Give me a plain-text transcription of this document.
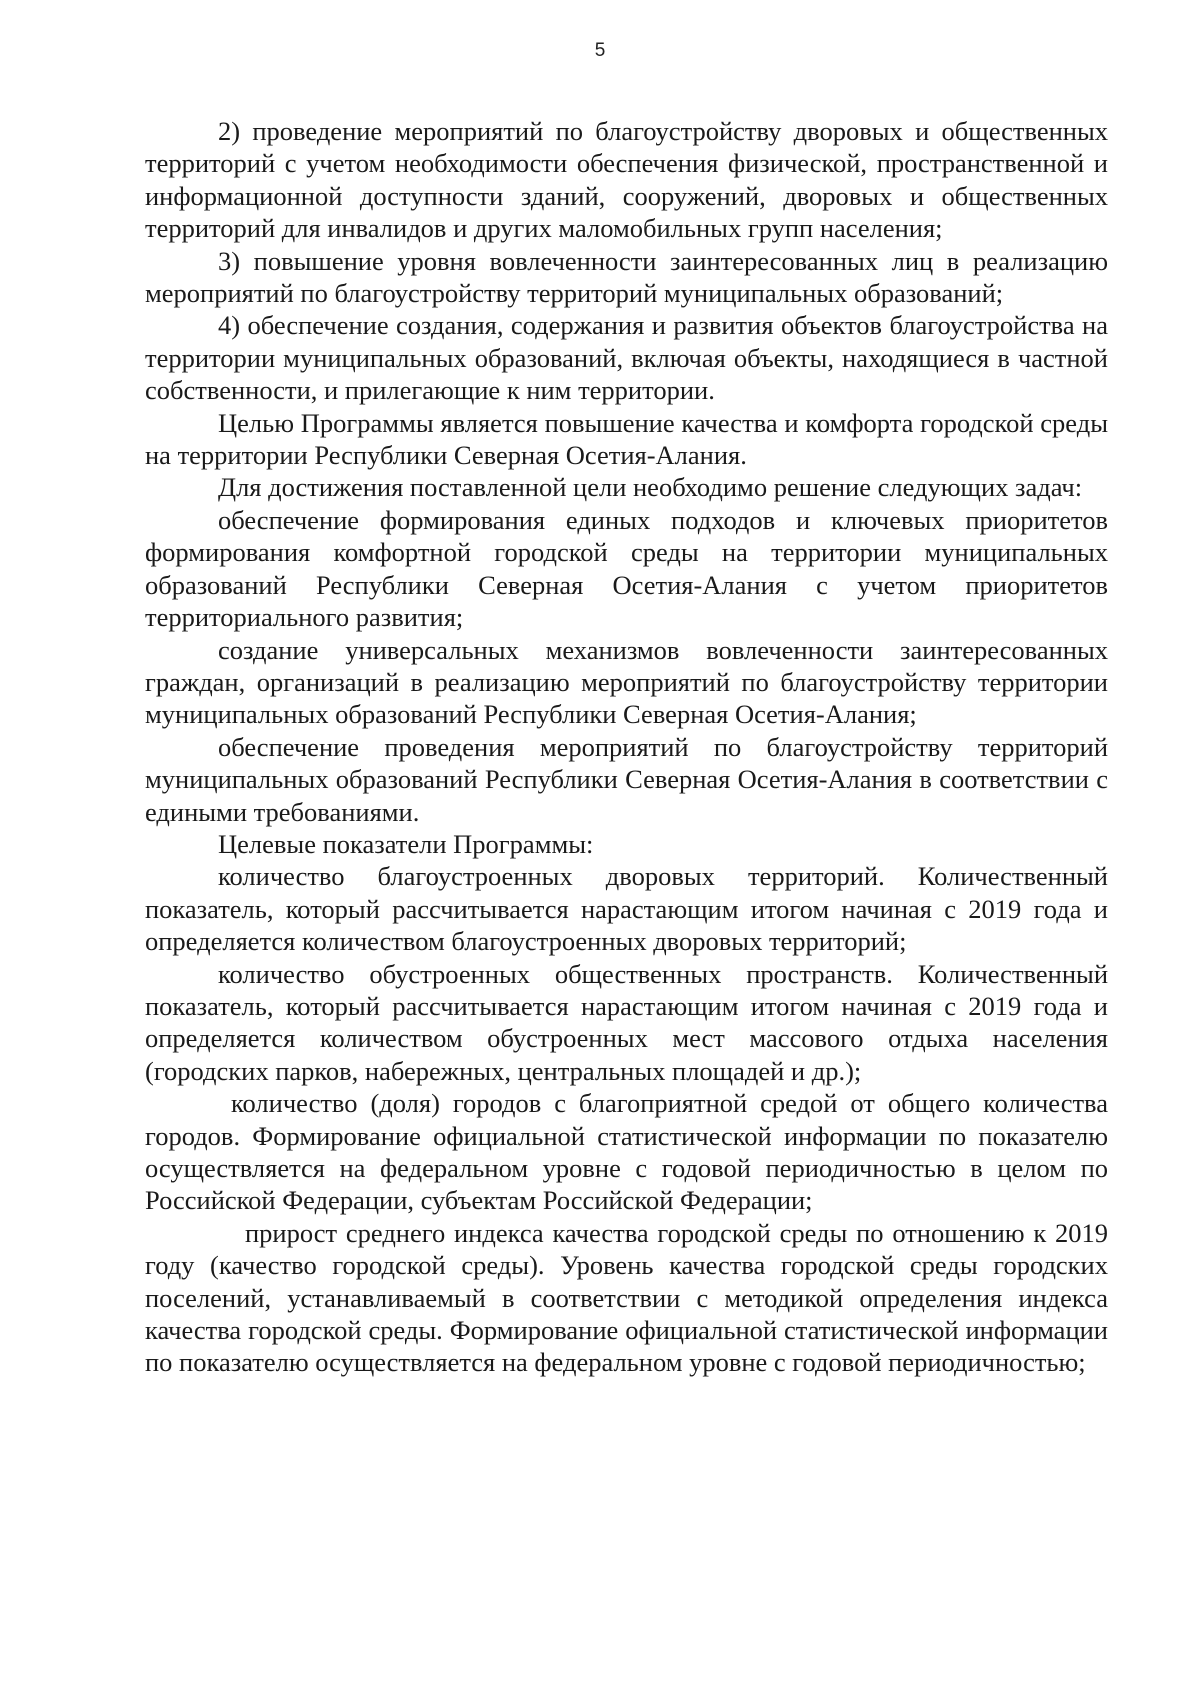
5

2) проведение мероприятий по благоустройству дворовых и общественных территорий с учетом необходимости обеспечения физической, пространственной и информационной доступности зданий, сооружений, дворовых и общественных территорий для инвалидов и других маломобильных групп населения;

3) повышение уровня вовлеченности заинтересованных лиц в реализацию мероприятий по благоустройству территорий муниципальных образований;

4) обеспечение создания, содержания и развития объектов благоустройства на территории муниципальных образований, включая объекты, находящиеся в частной собственности, и прилегающие к ним территории.

Целью Программы является повышение качества и комфорта городской среды на территории Республики Северная Осетия-Алания.

Для достижения поставленной цели необходимо решение следующих задач:

обеспечение формирования единых подходов и ключевых приоритетов формирования комфортной городской среды на территории муниципальных образований Республики Северная Осетия-Алания с учетом приоритетов территориального развития;

создание универсальных механизмов вовлеченности заинтересованных граждан, организаций в реализацию мероприятий по благоустройству территории муниципальных образований Республики Северная Осетия-Алания;

обеспечение проведения мероприятий по благоустройству территорий муниципальных образований Республики Северная Осетия-Алания в соответствии с едиными требованиями.

Целевые показатели Программы:

количество благоустроенных дворовых территорий. Количественный показатель, который рассчитывается нарастающим итогом начиная с 2019 года и определяется количеством благоустроенных дворовых территорий;

количество обустроенных общественных пространств. Количественный показатель, который рассчитывается нарастающим итогом начиная с 2019 года и определяется количеством обустроенных мест массового отдыха населения (городских парков, набережных, центральных площадей и др.);

количество (доля) городов с благоприятной средой от общего количества городов. Формирование официальной статистической информации по показателю осуществляется на федеральном уровне с годовой периодичностью в целом по Российской Федерации, субъектам Российской Федерации;

прирост среднего индекса качества городской среды по отношению к 2019 году (качество городской среды). Уровень качества городской среды городских поселений, устанавливаемый в соответствии с методикой определения индекса качества городской среды. Формирование официальной статистической информации по показателю осуществляется на федеральном уровне с годовой периодичностью;
